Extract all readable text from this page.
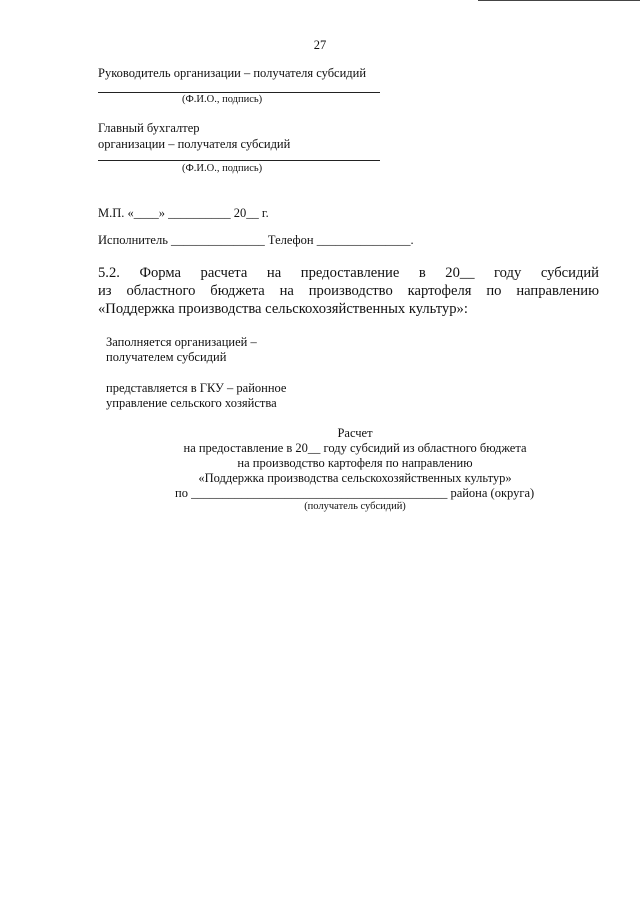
27
Руководитель организации – получателя субсидий
(Ф.И.О., подпись)
Главный бухгалтер
организации – получателя субсидий
(Ф.И.О., подпись)
М.П. «____» __________ 20__ г.
Исполнитель _______________ Телефон _______________.
5.2. Форма расчета на предоставление в 20__ году субсидий
из областного бюджета на производство картофеля по направлению
«Поддержка производства сельскохозяйственных культур»:
Заполняется организацией –
получателем субсидий
представляется в ГКУ – районное
управление сельского хозяйства
Расчет
на предоставление в 20__ году субсидий из областного бюджета
на производство картофеля по направлению
«Поддержка производства сельскохозяйственных культур»
по _________________________________________ района (округа)
(получатель субсидий)
